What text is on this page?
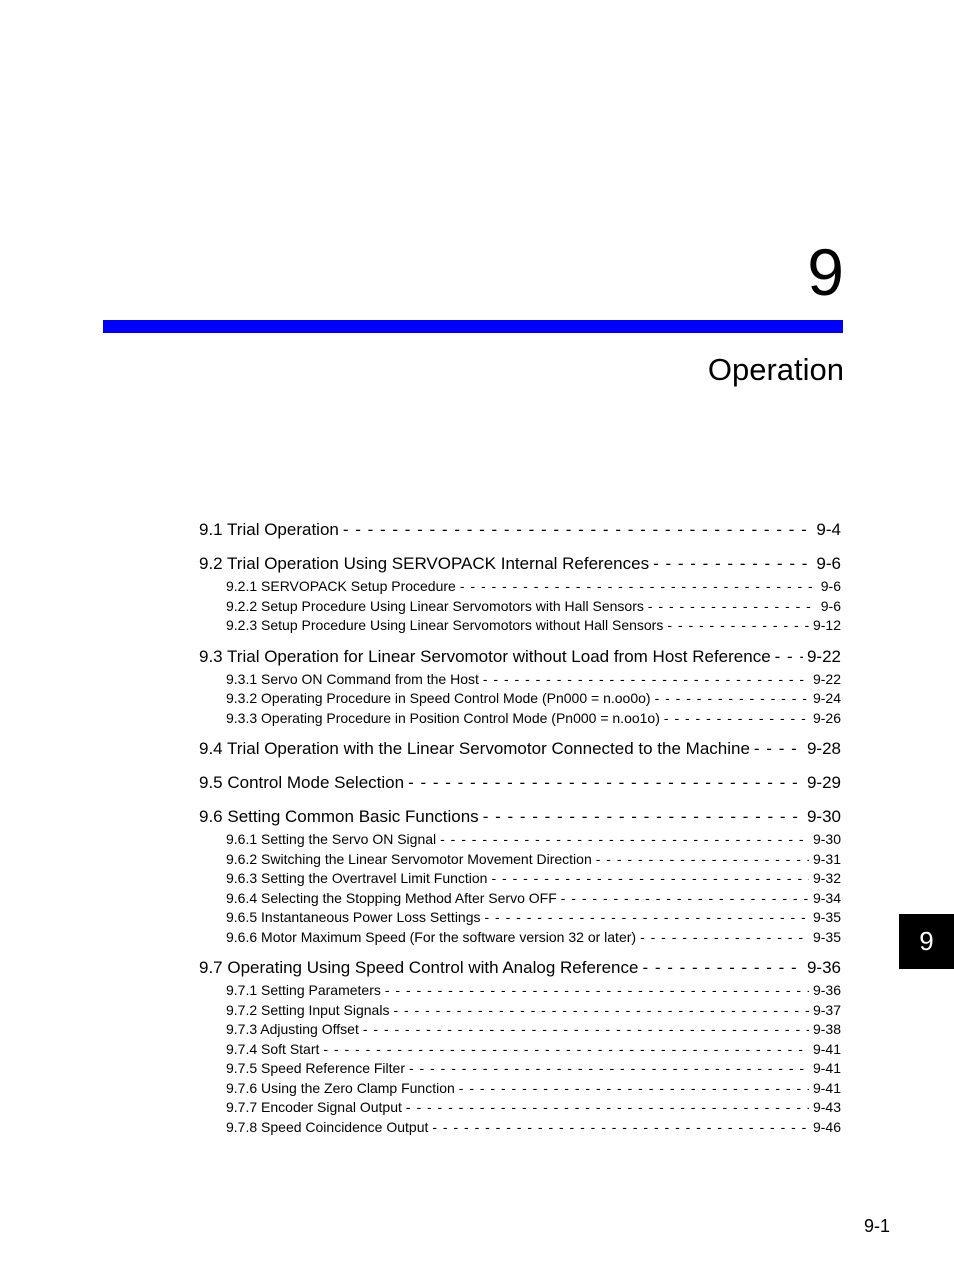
9
Operation
9.1 Trial Operation - - -	9-4
9.2 Trial Operation Using SERVOPACK Internal References - - -	9-6
9.2.1 SERVOPACK Setup Procedure - - -	9-6
9.2.2 Setup Procedure Using Linear Servomotors with Hall Sensors - - -	9-6
9.2.3 Setup Procedure Using Linear Servomotors without Hall Sensors - - -	9-12
9.3 Trial Operation for Linear Servomotor without Load from Host Reference - - - 9-22
9.3.1 Servo ON Command from the Host - - -	9-22
9.3.2 Operating Procedure in Speed Control Mode (Pn000 = n.oo0o) - - -	9-24
9.3.3 Operating Procedure in Position Control Mode (Pn000 = n.oo1o) - - -	9-26
9.4 Trial Operation with the Linear Servomotor Connected to the Machine - - -	9-28
9.5 Control Mode Selection - - -	9-29
9.6 Setting Common Basic Functions - - -	9-30
9.6.1 Setting the Servo ON Signal - - -	9-30
9.6.2 Switching the Linear Servomotor Movement Direction - - -	9-31
9.6.3 Setting the Overtravel Limit Function - - -	9-32
9.6.4 Selecting the Stopping Method After Servo OFF - - -	9-34
9.6.5 Instantaneous Power Loss Settings - - -	9-35
9.6.6 Motor Maximum Speed (For the software version 32 or later) - - -	9-35
9.7 Operating Using Speed Control with Analog Reference - - -	9-36
9.7.1 Setting Parameters - - -	9-36
9.7.2 Setting Input Signals - - -	9-37
9.7.3 Adjusting Offset - - -	9-38
9.7.4 Soft Start - - -	9-41
9.7.5 Speed Reference Filter - - -	9-41
9.7.6 Using the Zero Clamp Function - - -	9-41
9.7.7 Encoder Signal Output - - -	9-43
9.7.8 Speed Coincidence Output - - -	9-46
9
9-1
